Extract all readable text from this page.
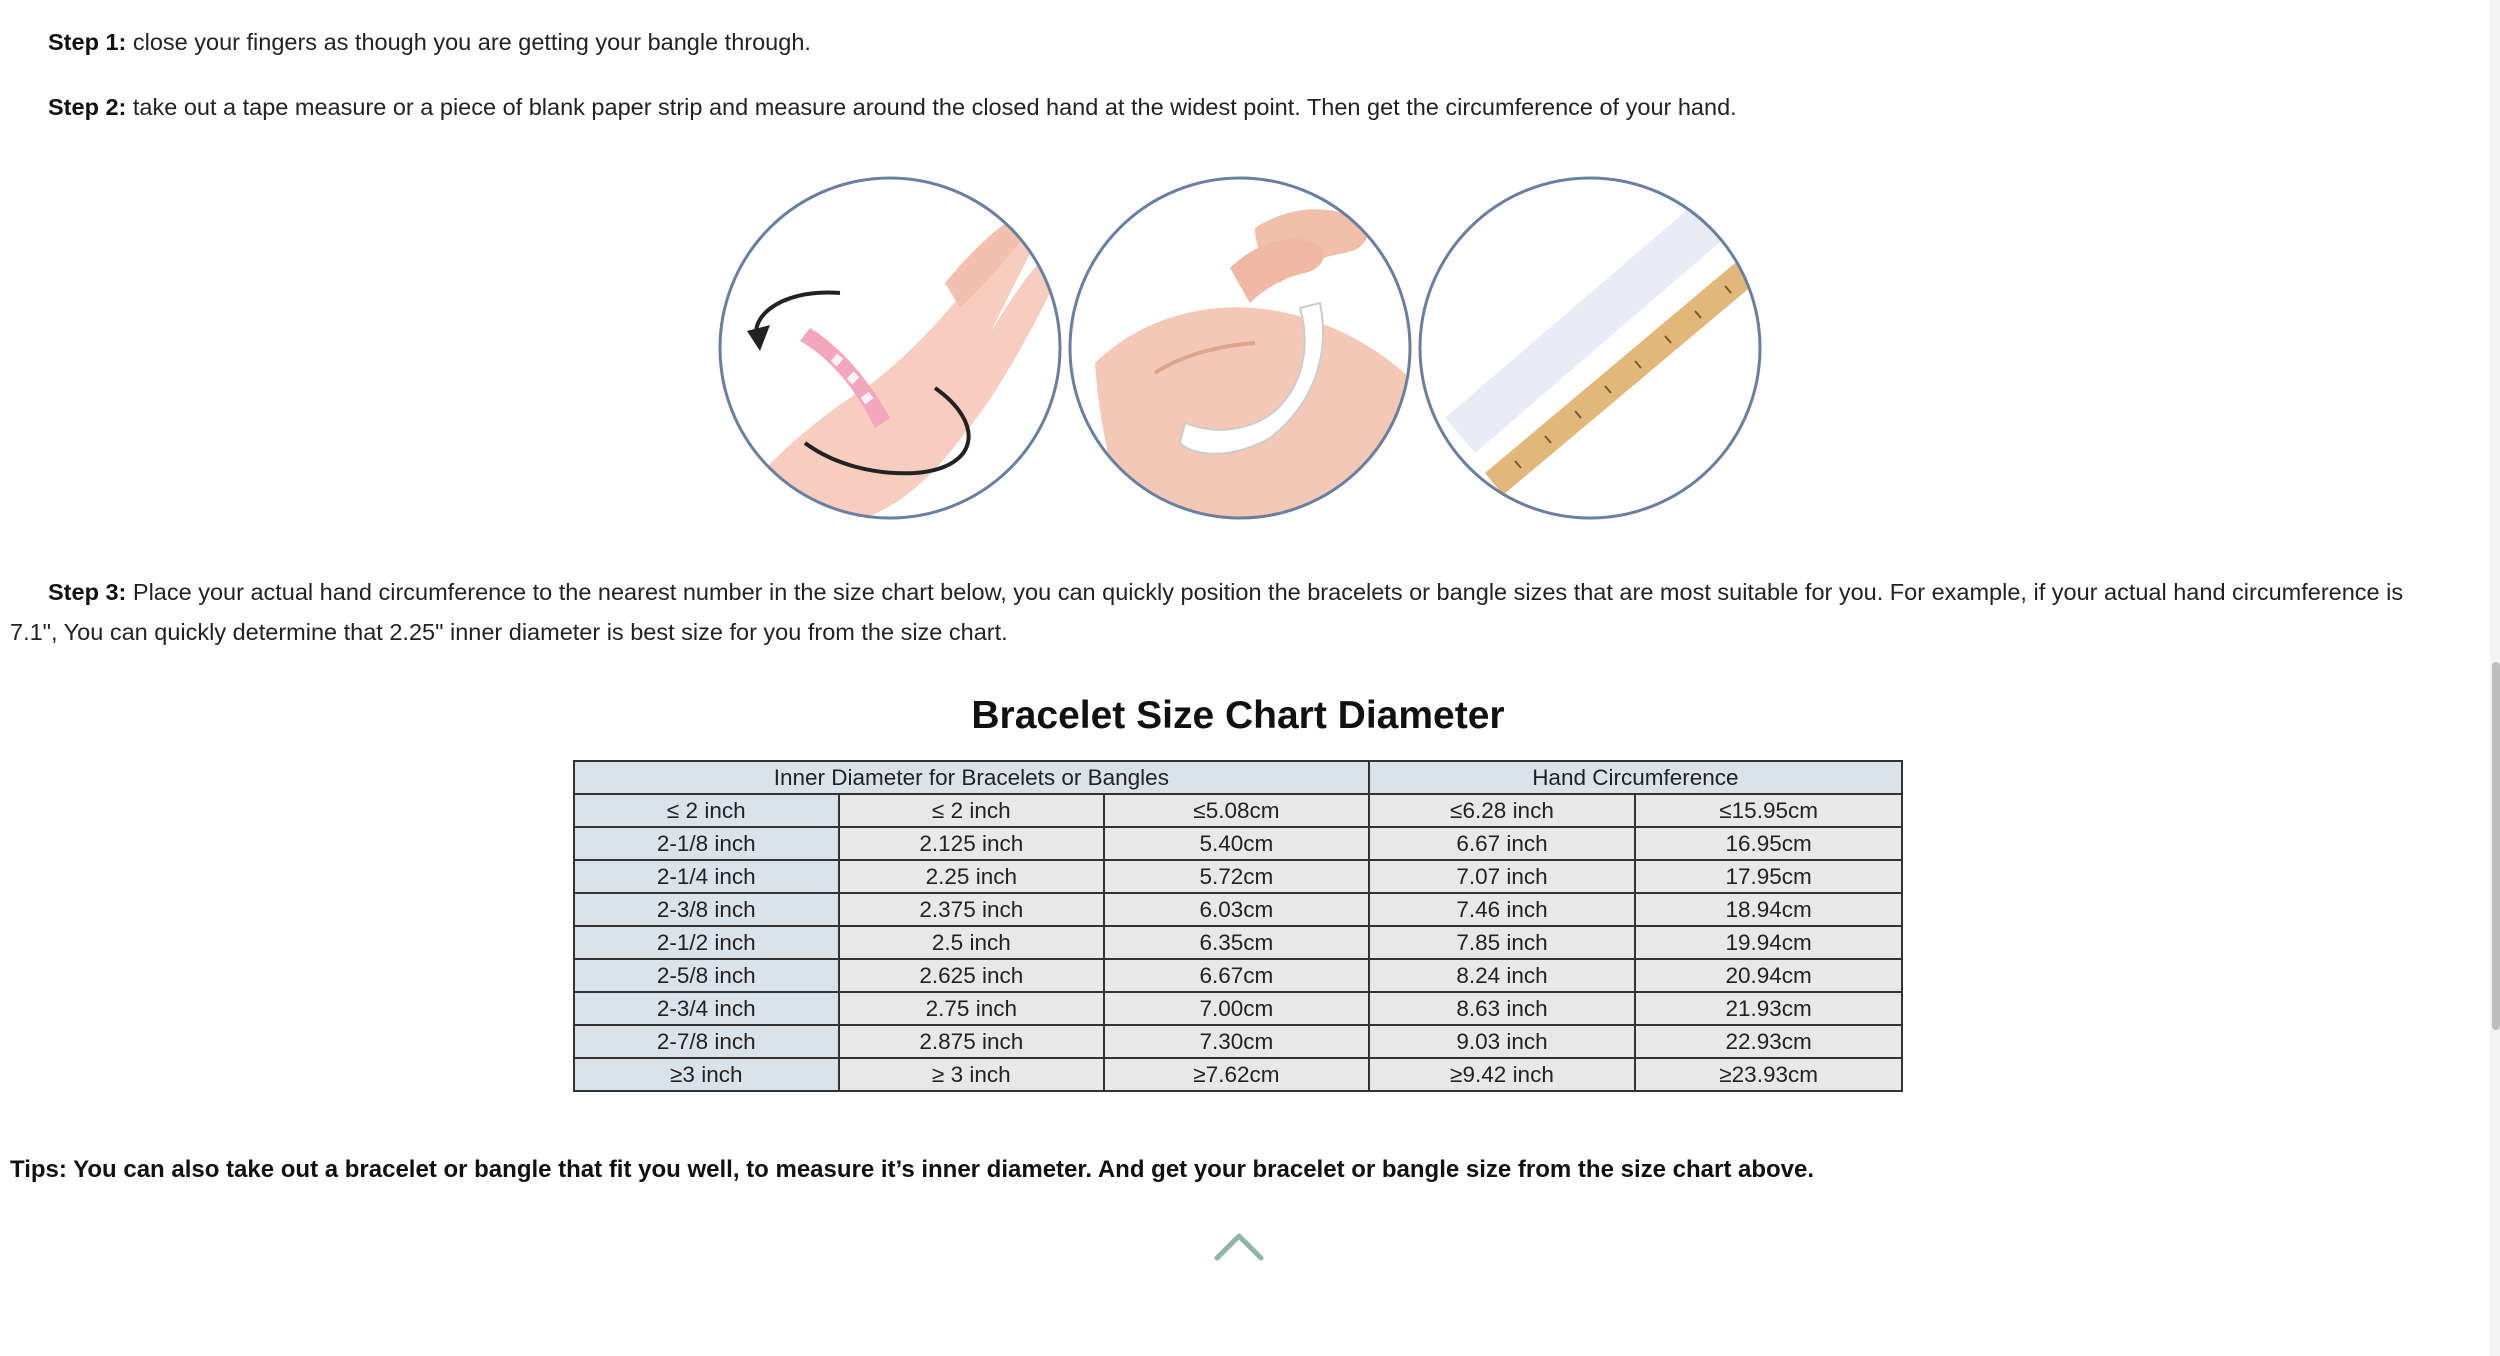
Step 1: close your fingers as though you are getting your bangle through.

Step 2: take out a tape measure or a piece of blank paper strip and measure around the closed hand at the widest point. Then get the circumference of your hand.

Step 3: Place your actual hand circumference to the nearest number in the size chart below, you can quickly position the bracelets or bangle sizes that are most suitable for you. For example, if your actual hand circumference is 7.1", You can quickly determine that 2.25" inner diameter is best size for you from the size chart.

Bracelet Size Chart Diameter
Inner Diameter for Bracelets or Bangles			Hand Circumference	
≤ 2 inch	≤ 2 inch	≤5.08cm	≤6.28 inch	≤15.95cm
2-1/8 inch	2.125 inch	5.40cm	6.67 inch	16.95cm
2-1/4 inch	2.25 inch	5.72cm	7.07 inch	17.95cm
2-3/8 inch	2.375 inch	6.03cm	7.46 inch	18.94cm
2-1/2 inch	2.5 inch	6.35cm	7.85 inch	19.94cm
2-5/8 inch	2.625 inch	6.67cm	8.24 inch	20.94cm
2-3/4 inch	2.75 inch	7.00cm	8.63 inch	21.93cm
2-7/8 inch	2.875 inch	7.30cm	9.03 inch	22.93cm
≥3 inch	≥ 3 inch	≥7.62cm	≥9.42 inch	≥23.93cm
Tips: You can also take out a bracelet or bangle that fit you well, to measure it’s inner diameter. And get your bracelet or bangle size from the size chart above.
